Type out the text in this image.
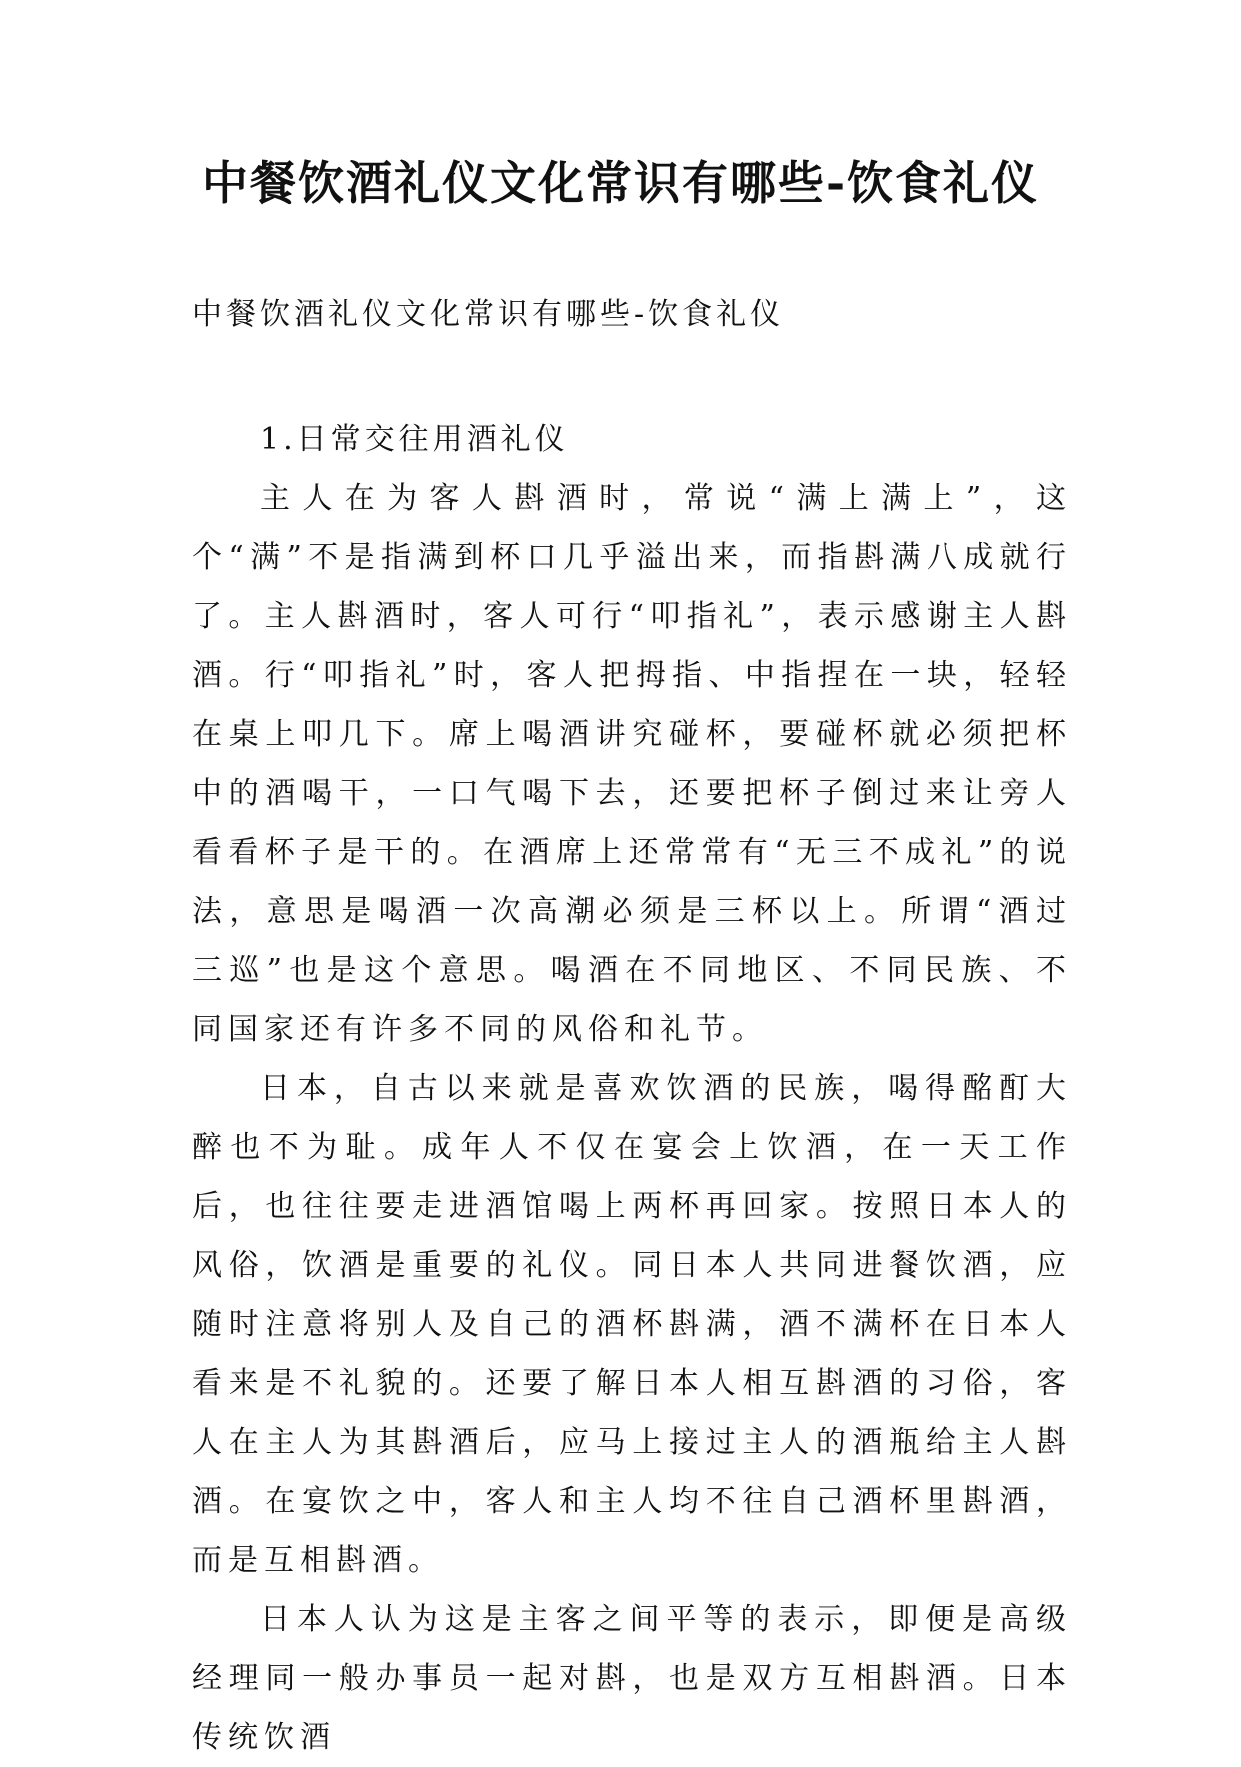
中餐饮酒礼仪文化常识有哪些-饮食礼仪

中餐饮酒礼仪文化常识有哪些-饮食礼仪

1.日常交往用酒礼仪

主人在为客人斟酒时，常说“满上满上”，这个“满”不是指满到杯口几乎溢出来，而指斟满八成就行了。主人斟酒时，客人可行“叩指礼”，表示感谢主人斟酒。行“叩指礼”时，客人把拇指、中指捏在一块，轻轻在桌上叩几下。席上喝酒讲究碰杯，要碰杯就必须把杯中的酒喝干，一口气喝下去，还要把杯子倒过来让旁人看看杯子是干的。在酒席上还常常有“无三不成礼”的说法，意思是喝酒一次高潮必须是三杯以上。所谓“酒过三巡”也是这个意思。喝酒在不同地区、不同民族、不同国家还有许多不同的风俗和礼节。

日本，自古以来就是喜欢饮酒的民族，喝得酩酊大醉也不为耻。成年人不仅在宴会上饮酒，在一天工作后，也往往要走进酒馆喝上两杯再回家。按照日本人的风俗，饮酒是重要的礼仪。同日本人共同进餐饮酒，应随时注意将别人及自己的酒杯斟满，酒不满杯在日本人看来是不礼貌的。还要了解日本人相互斟酒的习俗，客人在主人为其斟酒后，应马上接过主人的酒瓶给主人斟酒。在宴饮之中，客人和主人均不往自己酒杯里斟酒，而是互相斟酒。

日本人认为这是主客之间平等的表示，即便是高级经理同一般办事员一起对斟，也是双方互相斟酒。日本传统饮酒
